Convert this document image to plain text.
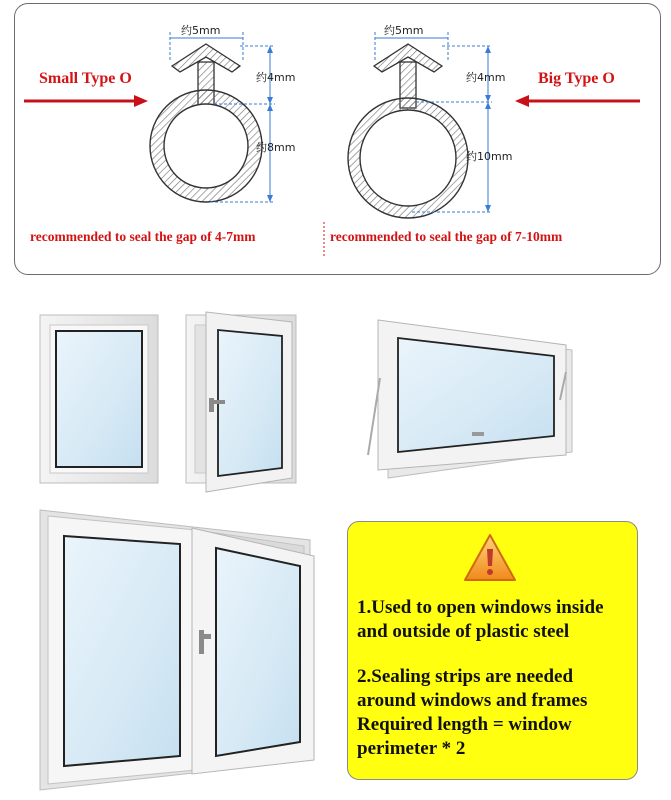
Small Type O	Big Type O
约5mm
约4mm
约8mm
约5mm
约4mm
约10mm
recommended to seal the gap of 4-7mm	recommended to seal the gap of 7-10mm
1.Used to open windows inside
and outside of plastic steel
2.Sealing strips are needed
around windows and frames
Required length = window
perimeter * 2
